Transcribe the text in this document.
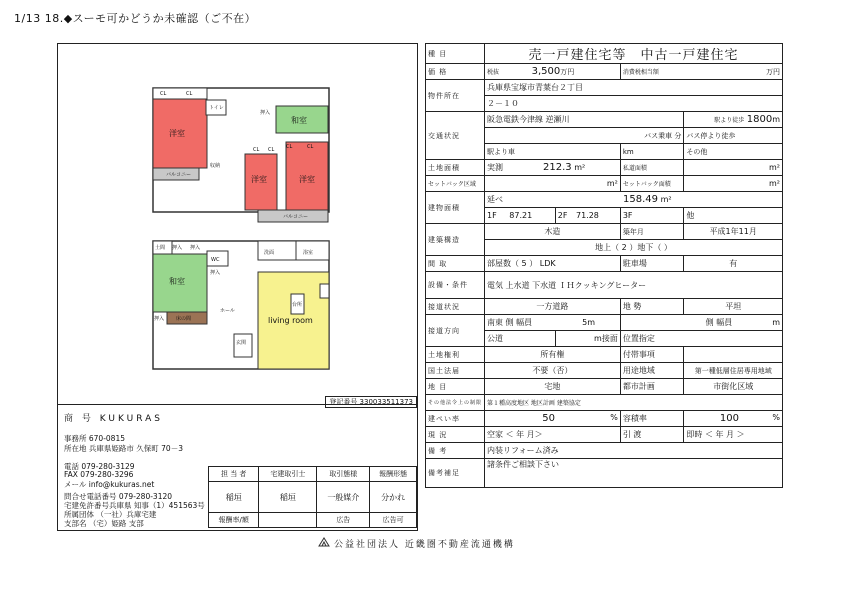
1/13 18.◆スーモ可かどうか未確認（ご不在）
洋室
和室
洋室	洋室
CL	CL
トイレ
押入
CL	CL
収納
バルコニー
バルコニー
CL CL
和室
living room
土間 押入 押入
WC
洗面	浴室
ホール
玄関
床の間
押入
押入
台所
登記番号 330033511373
商 号 KUKURAS
事務所 670-0815
所在地 兵庫県姫路市 久保町 70－3
電話 079-280-3129
FAX 079-280-3296
メール info@kukuras.net
問合せ電話番号 079-280-3120
宅建免許番号兵庫県 知事（1）451563号
所属団体 （一社）兵庫宅建
支部名 （宅）姫路 支部
担 当 者	宅建取引士	取引態様	報酬形態
稲垣	稲垣	一般媒介	分かれ
報酬率/額		広告	広告可
種 目	売一戸建住宅等　中古一戸建住宅			
価 格	税抜 3,500万円		消費税相当額 万円	

物件所在	兵庫県宝塚市青葉台２丁目			
	２－１０			
交通状況	阪急電鉄今津線 逆瀬川			駅より徒歩 1800m
	バス乗車 分			バス停より徒歩
	駅より車		km	その他
土地面積	実測 212.3 m²		私道面積	m²
セットバック区域	m²		セットバック面積	m²
建物面積	延べ 158.49 m²			
	1F 87.21	2F 71.28	3F	他
建築構造	木造		築年月	平成1年11月
	地上（ 2 ）地下（ ）			
間 取	部屋数（ 5 ） LDK		駐車場	有
設備・条件	電気 上水道 下水道 ＩＨクッキングヒーター			
接道状況	一方道路		地 勢	平坦
接道方向	南東 側 幅員 5m		側 幅員 m	
	公道	m接面	位置指定	
土地権利	所有権		付帯事項	
国土法届	不要（否）		用途地域	第一種低層住居専用地域
地 目	宅地		都市計画	市街化区域
その他法令上の制限	第１種高度地区 地区計画 建築協定			
建ぺい率	50 %		容積率	100 %

現 況	空家 ＜ 年 月＞		引 渡	即時 ＜ 年 月 ＞
備 考	内装リフォーム済み			
備考補足	諸条件ご相談下さい			
公益社団法人 近畿圏不動産流通機構
